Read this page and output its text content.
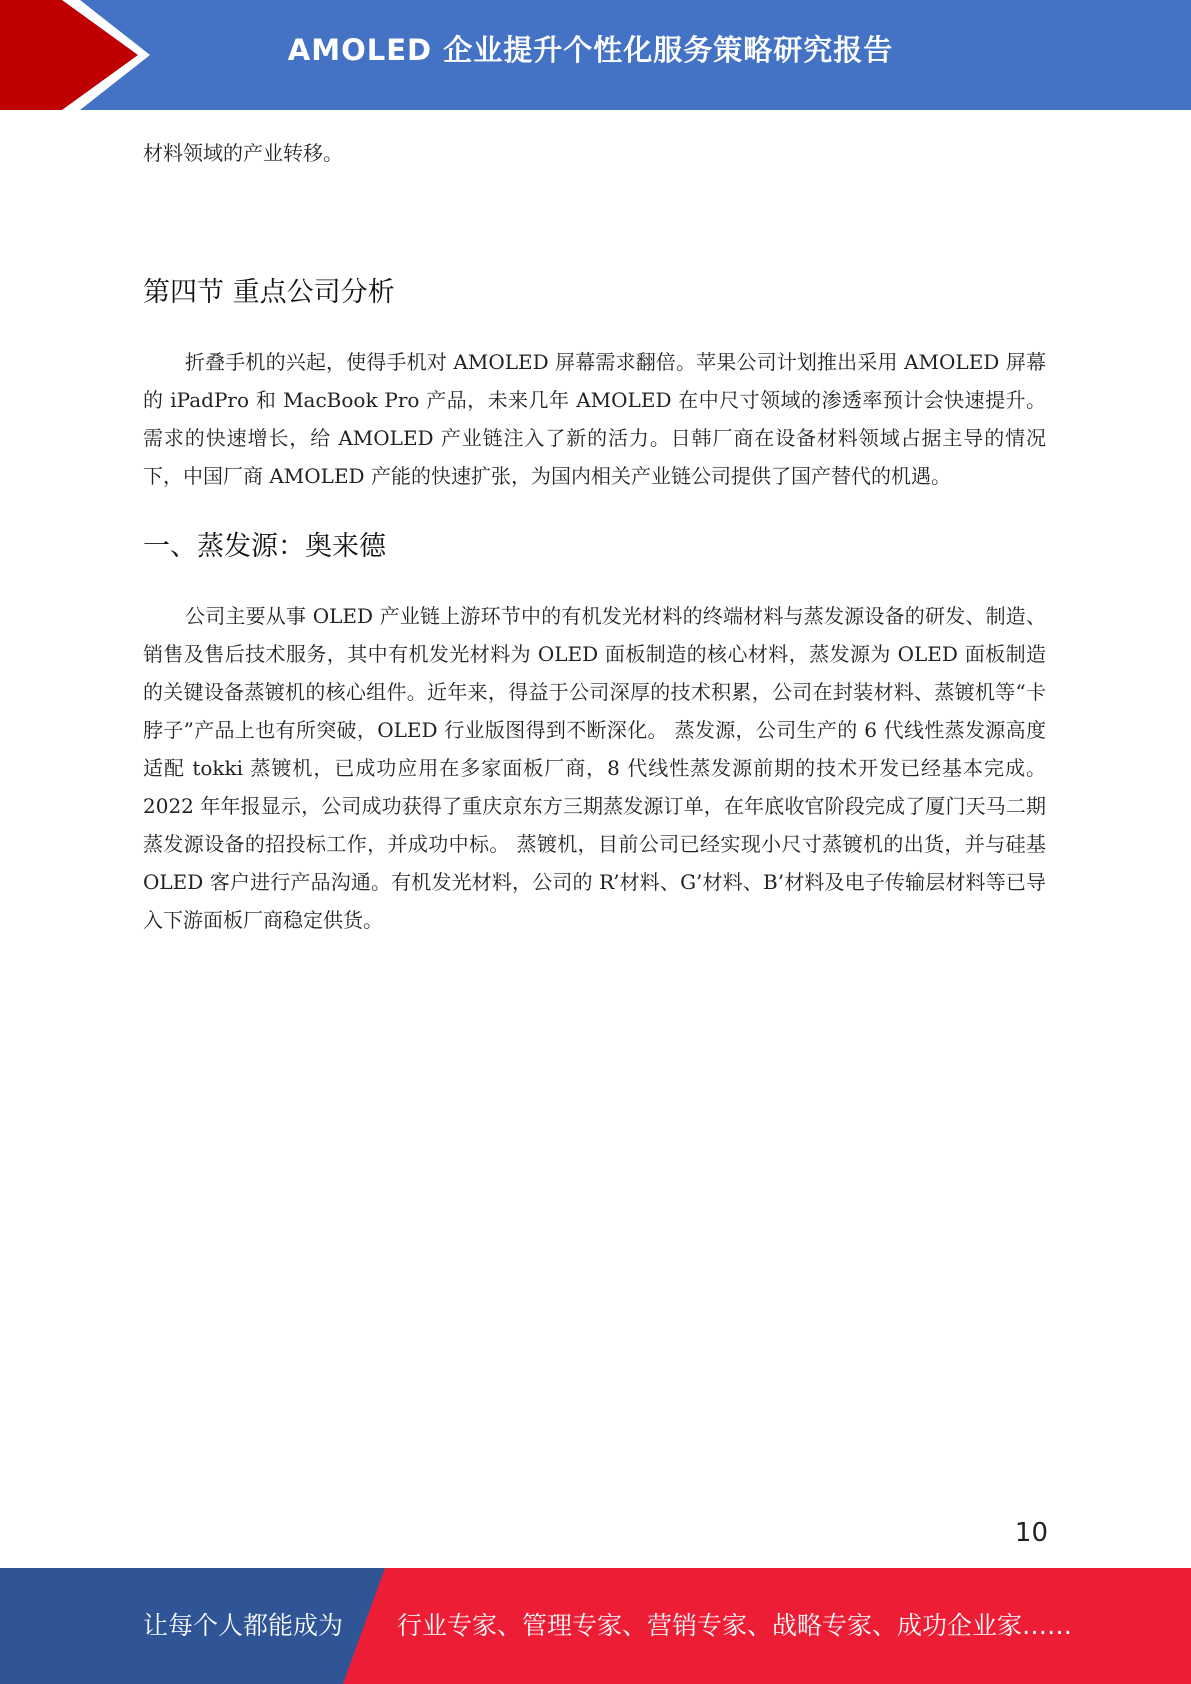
AMOLED 企业提升个性化服务策略研究报告

材料领域的产业转移。

第四节 重点公司分析

折叠手机的兴起，使得手机对 AMOLED 屏幕需求翻倍。苹果公司计划推出采用 AMOLED 屏幕的 iPadPro 和 MacBook Pro 产品，未来几年 AMOLED 在中尺寸领域的渗透率预计会快速提升。需求的快速增长，给 AMOLED 产业链注入了新的活力。日韩厂商在设备材料领域占据主导的情况下，中国厂商 AMOLED 产能的快速扩张，为国内相关产业链公司提供了国产替代的机遇。

一、蒸发源：奥来德

公司主要从事 OLED 产业链上游环节中的有机发光材料的终端材料与蒸发源设备的研发、制造、销售及售后技术服务，其中有机发光材料为 OLED 面板制造的核心材料，蒸发源为 OLED 面板制造的关键设备蒸镀机的核心组件。近年来，得益于公司深厚的技术积累，公司在封装材料、蒸镀机等“卡脖子”产品上也有所突破，OLED 行业版图得到不断深化。 蒸发源，公司生产的 6 代线性蒸发源高度适配 tokki 蒸镀机，已成功应用在多家面板厂商，8 代线性蒸发源前期的技术开发已经基本完成。2022 年年报显示，公司成功获得了重庆京东方三期蒸发源订单，在年底收官阶段完成了厦门天马二期蒸发源设备的招投标工作，并成功中标。 蒸镀机，目前公司已经实现小尺寸蒸镀机的出货，并与硅基 OLED 客户进行产品沟通。有机发光材料，公司的 R’材料、G’材料、B’材料及电子传输层材料等已导入下游面板厂商稳定供货。

10
让每个人都能成为 行业专家、管理专家、营销专家、战略专家、成功企业家……
